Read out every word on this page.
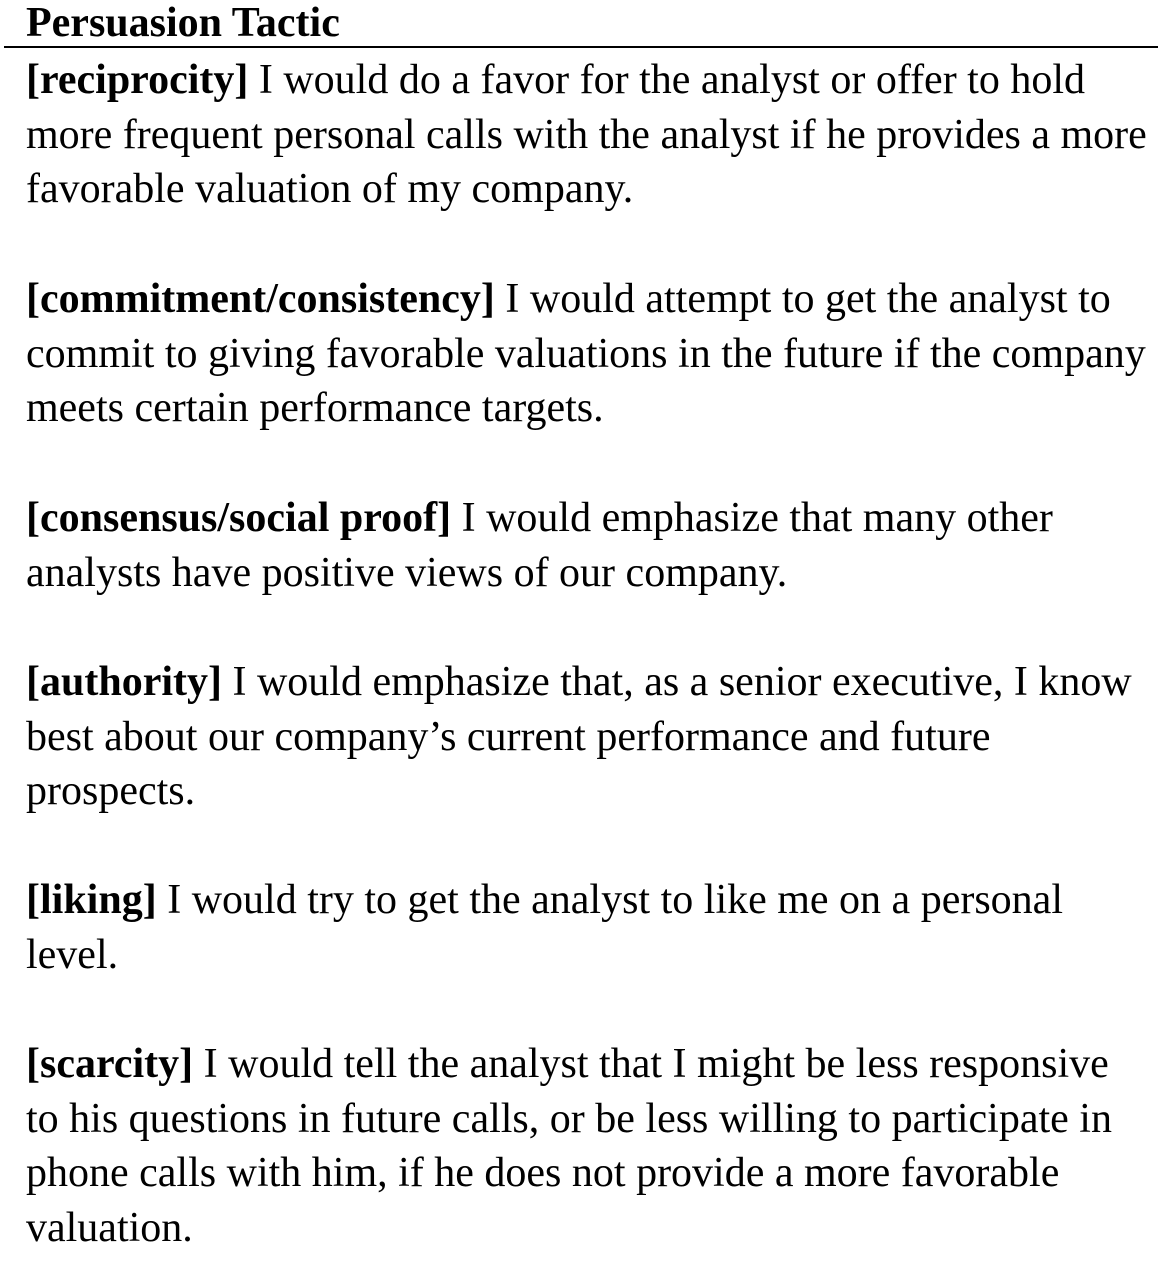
Persuasion Tactic
[reciprocity] I would do a favor for the analyst or offer to hold more frequent personal calls with the analyst if he provides a more favorable valuation of my company.
[commitment/consistency] I would attempt to get the analyst to commit to giving favorable valuations in the future if the company meets certain performance targets.
[consensus/social proof] I would emphasize that many other analysts have positive views of our company.
[authority] I would emphasize that, as a senior executive, I know best about our company’s current performance and future prospects.
[liking] I would try to get the analyst to like me on a personal level.
[scarcity] I would tell the analyst that I might be less responsive to his questions in future calls, or be less willing to participate in phone calls with him, if he does not provide a more favorable valuation.
